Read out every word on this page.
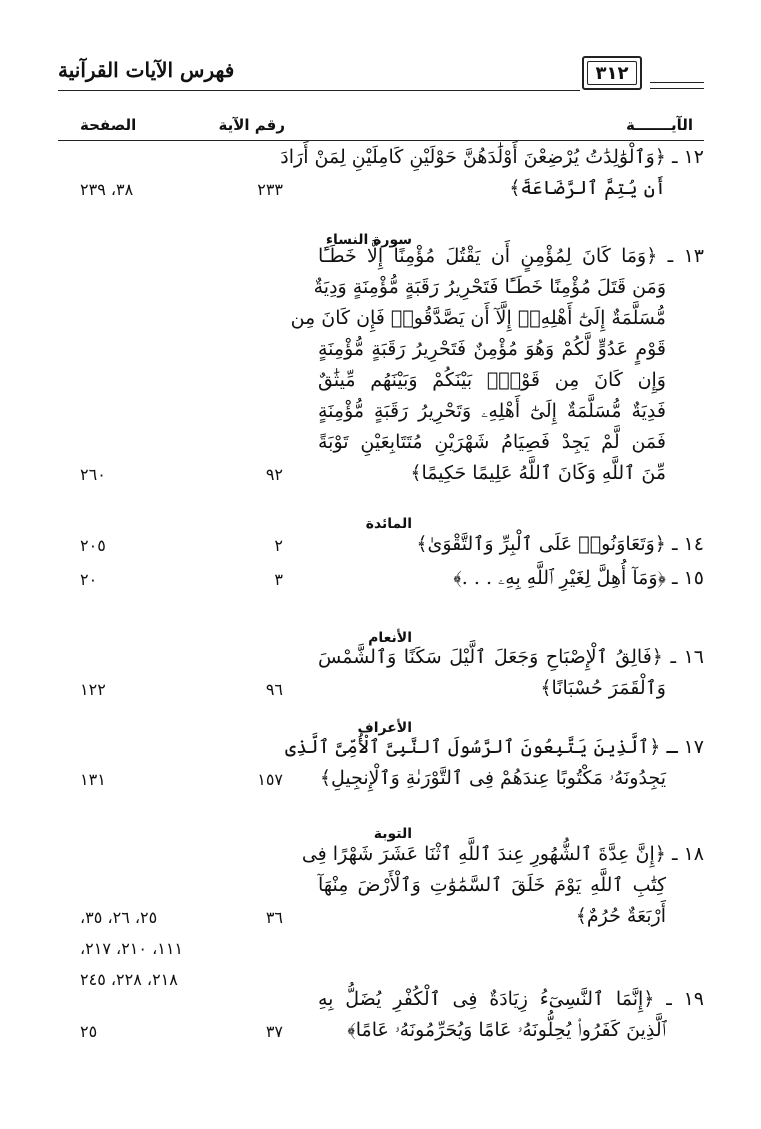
فهرس الآيات القرآنية	٣١٢
الآيـــــــة
رقم الآية
الصفحة
١٢ ـ ﴿وَٱلْوَٰلِدَٰتُ يُرْضِعْنَ أَوْلَٰدَهُنَّ حَوْلَيْنِ كَامِلَيْنِ لِمَنْ أَرَادَ
أَن يُتِمَّ ٱلرَّضَاعَةَ﴾
٢٣٣
٣٨، ٢٣٩
سورة النساء
١٣ ـ ﴿وَمَا كَانَ لِمُؤْمِنٍ أَن يَقْتُلَ مُؤْمِنًا إِلَّا خَطَـًٔا
وَمَن قَتَلَ مُؤْمِنًا خَطَـًٔا فَتَحْرِيرُ رَقَبَةٍ مُّؤْمِنَةٍ وَدِيَةٌ
مُّسَلَّمَةٌ إِلَىٰٓ أَهْلِهِۦٓ إِلَّآ أَن يَصَّدَّقُوا۟ فَإِن كَانَ مِن
قَوْمٍ عَدُوٍّ لَّكُمْ وَهُوَ مُؤْمِنٌ فَتَحْرِيرُ رَقَبَةٍ مُّؤْمِنَةٍ
وَإِن كَانَ مِن قَوْمٍۭ بَيْنَكُمْ وَبَيْنَهُم مِّيثَٰقٌ
فَدِيَةٌ مُّسَلَّمَةٌ إِلَىٰٓ أَهْلِهِۦ وَتَحْرِيرُ رَقَبَةٍ مُّؤْمِنَةٍ
فَمَن لَّمْ يَجِدْ فَصِيَامُ شَهْرَيْنِ مُتَتَابِعَيْنِ تَوْبَةً
مِّنَ ٱللَّهِ وَكَانَ ٱللَّهُ عَلِيمًا حَكِيمًا﴾
٩٢
٢٦٠
المائدة
١٤ ـ ﴿وَتَعَاوَنُوا۟ عَلَى ٱلْبِرِّ وَٱلتَّقْوَىٰ﴾
٢
٢٠٥
١٥ ـ ﴿وَمَآ أُهِلَّ لِغَيْرِ ٱللَّهِ بِهِۦ . . .﴾
٣
٢٠
الأنعام
١٦ ـ ﴿فَالِقُ ٱلْإِصْبَاحِ وَجَعَلَ ٱلَّيْلَ سَكَنًا وَٱلشَّمْسَ
وَٱلْقَمَرَ حُسْبَانًا﴾
٩٦
١٢٢
الأعراف
١٧ ـ ﴿ٱلَّذِينَ يَتَّبِعُونَ ٱلرَّسُولَ ٱلنَّبِىَّ ٱلْأُمِّىَّ ٱلَّذِى
يَجِدُونَهُۥ مَكْتُوبًا عِندَهُمْ فِى ٱلتَّوْرَىٰةِ وَٱلْإِنجِيلِ﴾
١٥٧
١٣١
التوبة
١٨ ـ ﴿إِنَّ عِدَّةَ ٱلشُّهُورِ عِندَ ٱللَّهِ ٱثْنَا عَشَرَ شَهْرًا فِى
كِتَٰبِ ٱللَّهِ يَوْمَ خَلَقَ ٱلسَّمَٰوَٰتِ وَٱلْأَرْضَ مِنْهَآ
أَرْبَعَةٌ حُرُمٌ﴾
٣٦
٢٥، ٢٦، ٣٥،
١١١، ٢١٠، ٢١٧،
٢١٨، ٢٢٨، ٢٤٥
١٩ ـ ﴿إِنَّمَا ٱلنَّسِىٓءُ زِيَادَةٌ فِى ٱلْكُفْرِ يُضَلُّ بِهِ
ٱلَّذِينَ كَفَرُوا۟ يُحِلُّونَهُۥ عَامًا وَيُحَرِّمُونَهُۥ عَامًا﴾
٣٧
٢٥
